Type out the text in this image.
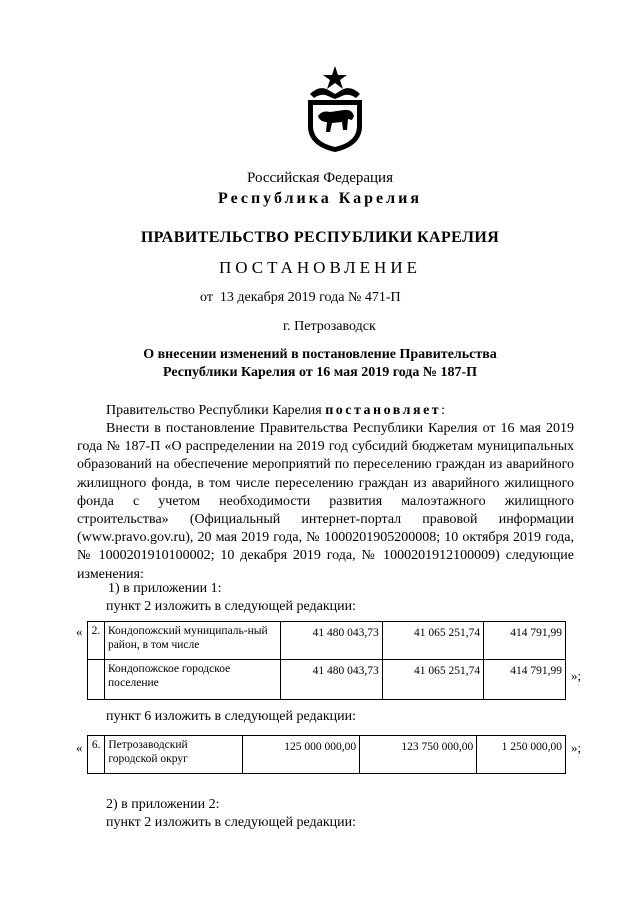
Российская Федерация
Республика Карелия
ПРАВИТЕЛЬСТВО РЕСПУБЛИКИ КАРЕЛИЯ
ПОСТАНОВЛЕНИЕ
от  13 декабря 2019 года № 471-П
г. Петрозаводск
О внесении изменений в постановление Правительства
Республики Карелия от 16 мая 2019 года № 187-П
Правительство Республики Карелия постановляет:
Внести в постановление Правительства Республики Карелия от 16 мая 2019 года № 187-П «О распределении на 2019 год субсидий бюджетам муниципальных образований на обеспечение мероприятий по переселению граждан из аварийного жилищного фонда, в том числе переселению граждан из аварийного жилищного фонда с учетом необходимости развития малоэтажного жилищного строительства» (Официальный интернет-портал правовой информации (www.pravo.gov.ru), 20 мая 2019 года, № 1000201905200008; 10 октября 2019 года, № 1000201910100002; 10 декабря 2019 года, № 1000201912100009) следующие изменения:
1) в приложении 1:
пункт 2 изложить в следующей редакции:
« 2.	Кондопожский муниципаль-ный район, в том числе	41 480 043,73	41 065 251,74	414 791,99
	Кондопожское городское поселение	41 480 043,73	41 065 251,74	414 791,99 »;
пункт 6 изложить в следующей редакции:
« 6.	Петрозаводский городской округ	125 000 000,00	123 750 000,00	1 250 000,00 »;
2) в приложении 2:
пункт 2 изложить в следующей редакции:
